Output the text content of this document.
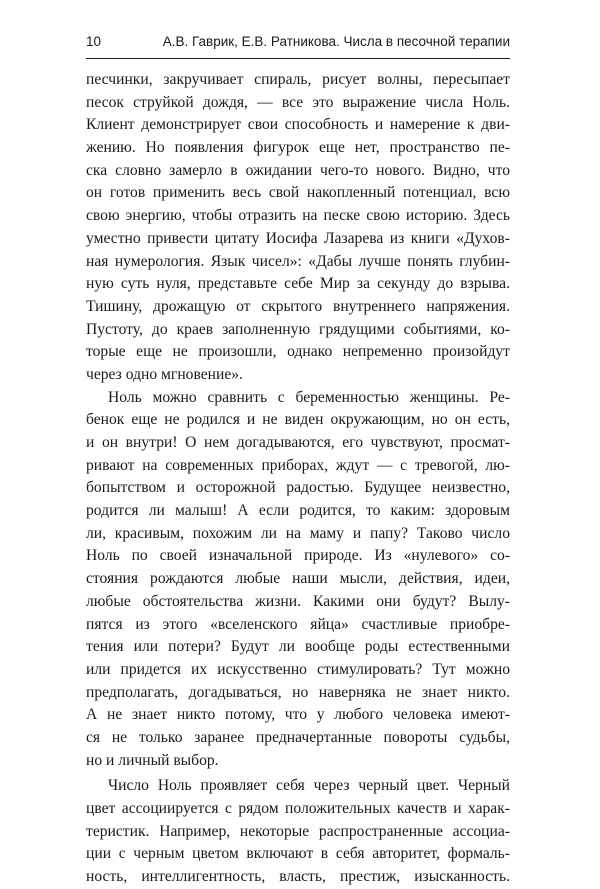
10	А.В. Гаврик, Е.В. Ратникова. Числа в песочной терапии
песчинки, закручивает спираль, рисует волны, пересыпает
песок струйкой дождя, — все это выражение числа Ноль.
Клиент демонстрирует свои способность и намерение к дви-
жению. Но появления фигурок еще нет, пространство пе-
ска словно замерло в ожидании чего-то нового. Видно, что
он готов применить весь свой накопленный потенциал, всю
свою энергию, чтобы отразить на песке свою историю. Здесь
уместно привести цитату Иосифа Лазарева из книги «Духов-
ная нумерология. Язык чисел»: «Дабы лучше понять глубин-
ную суть нуля, представьте себе Мир за секунду до взрыва.
Тишину, дрожащую от скрытого внутреннего напряжения.
Пустоту, до краев заполненную грядущими событиями, ко-
торые еще не произошли, однако непременно произойдут
через одно мгновение».
Ноль можно сравнить с беременностью женщины. Ре-
бенок еще не родился и не виден окружающим, но он есть,
и он внутри! О нем догадываются, его чувствуют, просмат-
ривают на современных приборах, ждут — с тревогой, лю-
бопытством и осторожной радостью. Будущее неизвестно,
родится ли малыш! А если родится, то каким: здоровым
ли, красивым, похожим ли на маму и папу? Таково число
Ноль по своей изначальной природе. Из «нулевого» со-
стояния рождаются любые наши мысли, действия, идеи,
любые обстоятельства жизни. Какими они будут? Вылу-
пятся из этого «вселенского яйца» счастливые приобре-
тения или потери? Будут ли вообще роды естественными
или придется их искусственно стимулировать? Тут можно
предполагать, догадываться, но наверняка не знает никто.
А не знает никто потому, что у любого человека имеют-
ся не только заранее предначертанные повороты судьбы,
но и личный выбор.
Число Ноль проявляет себя через черный цвет. Черный
цвет ассоциируется с рядом положительных качеств и харак-
теристик. Например, некоторые распространенные ассоциа-
ции с черным цветом включают в себя авторитет, формаль-
ность, интеллигентность, власть, престиж, изысканность.
